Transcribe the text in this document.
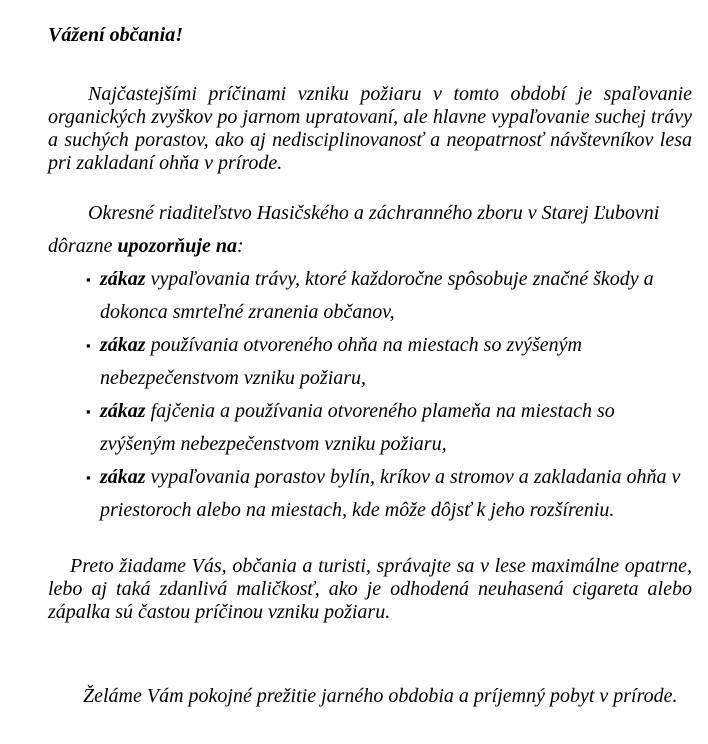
Vážení občania!

Najčastejšími príčinami vzniku požiaru v tomto období je spaľovanie organických zvyškov po jarnom upratovaní, ale hlavne vypaľovanie suchej trávy a suchých porastov, ako aj nedisciplinovanosť a neopatrnosť návštevníkov lesa pri zakladaní ohňa v prírode.

Okresné riaditeľstvo Hasičského a záchranného zboru v Starej Ľubovni dôrazne upozorňuje na:

▪ zákaz vypaľovania trávy, ktoré každoročne spôsobuje značné škody a dokonca smrteľné zranenia občanov,
▪ zákaz používania otvoreného ohňa na miestach so zvýšeným nebezpečenstvom vzniku požiaru,
▪ zákaz fajčenia a používania otvoreného plameňa na miestach so zvýšeným nebezpečenstvom vzniku požiaru,
▪ zákaz vypaľovania porastov bylín, kríkov a stromov a zakladania ohňa v priestoroch alebo na miestach, kde môže dôjsť k jeho rozšíreniu.

Preto žiadame Vás, občania a turisti, správajte sa v lese maximálne opatrne, lebo aj taká zdanlivá maličkosť, ako je odhodená neuhasená cigareta alebo zápalka sú častou príčinou vzniku požiaru.

Želáme Vám pokojné prežitie jarného obdobia a príjemný pobyt v prírode.
